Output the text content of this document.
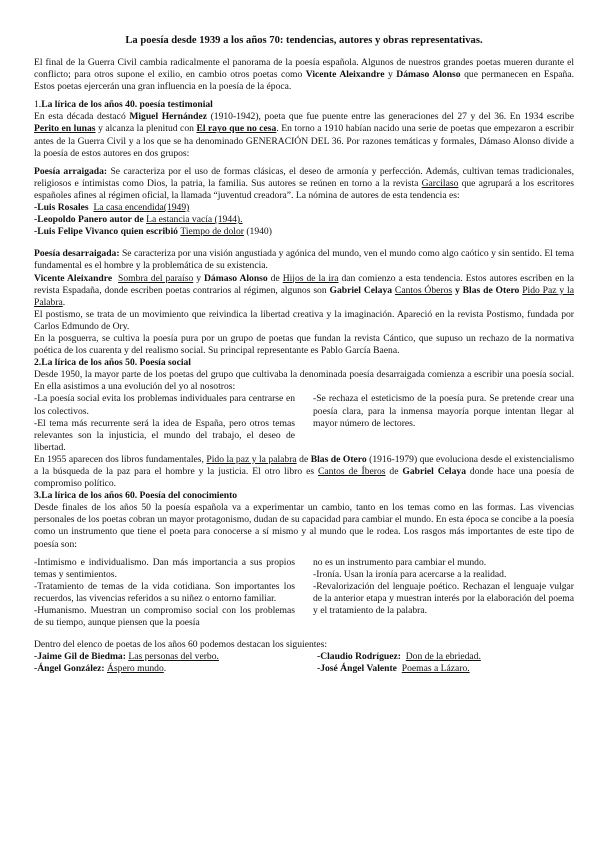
La poesía desde 1939 a los años 70: tendencias, autores y obras representativas.

El final de la Guerra Civil cambia radicalmente el panorama de la poesía española. Algunos de nuestros grandes poetas mueren durante el conflicto; para otros supone el exilio, en cambio otros poetas como Vicente Aleixandre y Dámaso Alonso que permanecen en España. Estos poetas ejercerán una gran influencia en la poesía de la época.

1.La lírica de los años 40. poesía testimonial

En esta década destacó Miguel Hernández (1910-1942), poeta que fue puente entre las generaciones del 27 y del 36. En 1934 escribe Perito en lunas y alcanza la plenitud con El rayo que no cesa. En torno a 1910 habían nacido una serie de poetas que empezaron a escribir antes de la Guerra Civil y a los que se ha denominado GENERACIÓN DEL 36. Por razones temáticas y formales, Dámaso Alonso divide a la poesía de estos autores en dos grupos:

Poesía arraigada: Se caracteriza por el uso de formas clásicas, el deseo de armonía y perfección. Además, cultivan temas tradicionales, religiosos e íntimistas como Dios, la patria, la familia. Sus autores se reúnen en torno a la revista Garcilaso que agrupará a los escritores españoles afines al régimen oficial, la llamada “juventud creadora”. La nómina de autores de esta tendencia es:

-Luis Rosales La casa encendida(1949)

-Leopoldo Panero autor de La estancia vacía (1944).

-Luis Felipe Vivanco quien escribió Tiempo de dolor (1940)

Poesía desarraigada: Se caracteriza por una visión angustiada y agónica del mundo, ven el mundo como algo caótico y sin sentido. El tema fundamental es el hombre y la problemática de su existencia.

Vicente Aleixandre Sombra del paraíso y Dámaso Alonso de Hijos de la ira dan comienzo a esta tendencia. Estos autores escriben en la revista Espadaña, donde escriben poetas contrarios al régimen, algunos son Gabriel Celaya Cantos Óberos y Blas de Otero Pido Paz y la Palabra.

El postismo, se trata de un movimiento que reivindica la libertad creativa y la imaginación. Apareció en la revista Postismo, fundada por Carlos Edmundo de Ory.

En la posguerra, se cultiva la poesía pura por un grupo de poetas que fundan la revista Cántico, que supuso un rechazo de la normativa poética de los cuarenta y del realismo social. Su principal representante es Pablo García Baena.

2.La lírica de los años 50. Poesía social

Desde 1950, la mayor parte de los poetas del grupo que cultivaba la denominada poesía desarraigada comienza a escribir una poesía social. En ella asistimos a una evolución del yo al nosotros:

-La poesía social evita los problemas individuales para centrarse en los colectivos.

-El tema más recurrente será la idea de España, pero otros temas relevantes son la injusticia, el mundo del trabajo, el deseo de libertad.

-Se rechaza el esteticismo de la poesía pura. Se pretende crear una poesía clara, para la inmensa mayoría porque intentan llegar al mayor número de lectores.

En 1955 aparecen dos libros fundamentales, Pido la paz y la palabra de Blas de Otero (1916-1979) que evoluciona desde el existencialismo a la búsqueda de la paz para el hombre y la justicia. El otro libro es Cantos de Íberos de Gabriel Celaya donde hace una poesía de compromiso político.

3.La lírica de los años 60. Poesía del conocimiento

Desde finales de los años 50 la poesía española va a experimentar un cambio, tanto en los temas como en las formas. Las vivencias personales de los poetas cobran un mayor protagonismo, dudan de su capacidad para cambiar el mundo. En esta época se concibe a la poesía como un instrumento que tiene el poeta para conocerse a sí mismo y al mundo que le rodea. Los rasgos más importantes de este tipo de poesía son:

-Intimismo e individualismo. Dan más importancia a sus propios temas y sentimientos.

-Tratamiento de temas de la vida cotidiana. Son importantes los recuerdos, las vivencias referidos a su niñez o entorno familiar.

-Humanismo. Muestran un compromiso social con los problemas de su tiempo, aunque piensen que la poesía

no es un instrumento para cambiar el mundo.

-Ironía. Usan la ironía para acercarse a la realidad.

-Revalorización del lenguaje poético. Rechazan el lenguaje vulgar de la anterior etapa y muestran interés por la elaboración del poema y el tratamiento de la palabra.

Dentro del elenco de poetas de los años 60 podemos destacan los siguientes:

-Jaime Gil de Biedma: Las personas del verbo.

-Ángel González: Áspero mundo.

-Claudio Rodríguez: Don de la ebriedad.

-José Ángel Valente Poemas a Lázaro.
